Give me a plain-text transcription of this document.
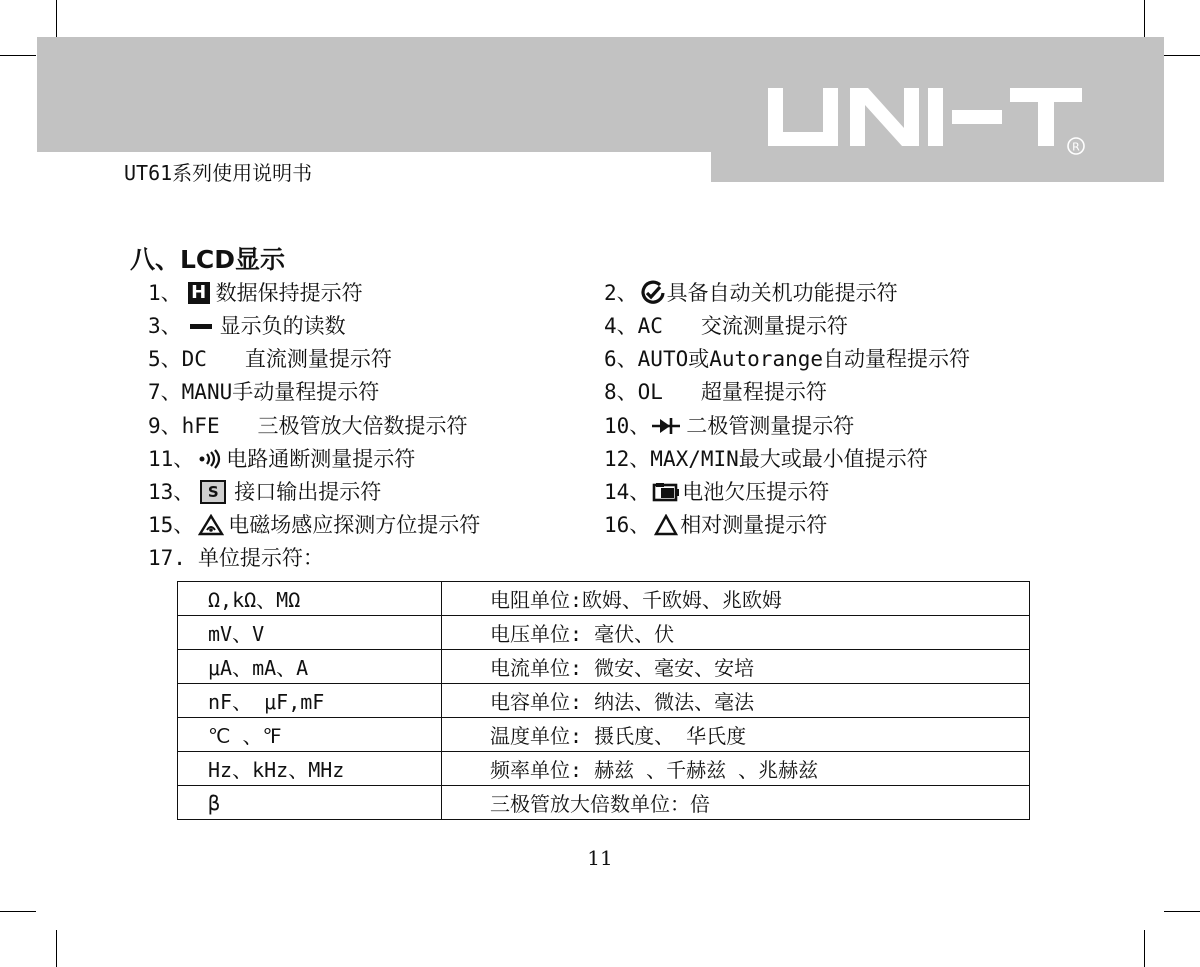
R
UT61系列使用说明书
八、LCD显示
1、 H 数据保持提示符
3、 显示负的读数
5、DC   直流测量提示符
7、MANU手动量程提示符
9、hFE   三极管放大倍数提示符
11、 电路通断测量提示符
13、 S 接口输出提示符
15、 电磁场感应探测方位提示符
17. 单位提示符：
2、 具备自动关机功能提示符
4、AC   交流测量提示符
6、AUTO或Autorange自动量程提示符
8、OL   超量程提示符
10、 二极管测量提示符
12、MAX/MIN最大或最小值提示符
14、 电池欠压提示符
16、 相对测量提示符
Ω,kΩ、MΩ	电阻单位:欧姆、千欧姆、兆欧姆
mV、V	电压单位: 毫伏、伏
μA、mA、A	电流单位: 微安、毫安、安培
nF、 μF,mF	电容单位: 纳法、微法、毫法
℃ 、℉	温度单位: 摄氏度、 华氏度
Hz、kHz、MHz	频率单位: 赫兹 、千赫兹 、兆赫兹
β	三极管放大倍数单位：倍
11
